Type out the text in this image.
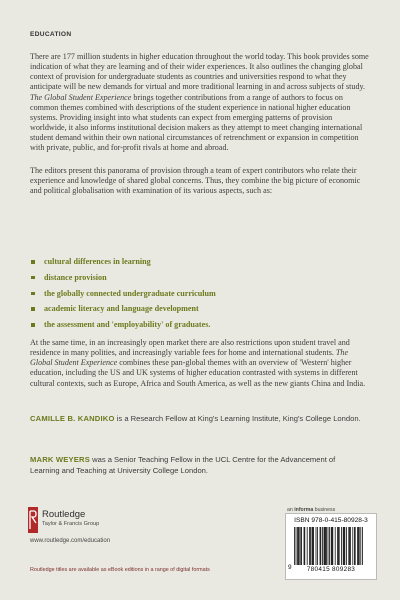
EDUCATION

There are 177 million students in higher education throughout the world today. This book provides some indication of what they are learning and of their wider experiences. It also outlines the changing global context of provision for undergraduate students as countries and universities respond to what they anticipate will be new demands for virtual and more traditional learning in and across subjects of study. The Global Student Experience brings together contributions from a range of authors to focus on common themes combined with descriptions of the student experience in national higher education systems. Providing insight into what students can expect from emerging patterns of provision worldwide, it also informs institutional decision makers as they attempt to meet changing international student demand within their own national circumstances of retrenchment or expansion in competition with private, public, and for-profit rivals at home and abroad.

The editors present this panorama of provision through a team of expert contributors who relate their experience and knowledge of shared global concerns. Thus, they combine the big picture of economic and political globalisation with examination of its various aspects, such as:

cultural differences in learning
distance provision
the globally connected undergraduate curriculum
academic literacy and language development
the assessment and 'employability' of graduates.

At the same time, in an increasingly open market there are also restrictions upon student travel and residence in many polities, and increasingly variable fees for home and international students. The Global Student Experience combines these pan-global themes with an overview of 'Western' higher education, including the US and UK systems of higher education contrasted with systems in different cultural contexts, such as Europe, Africa and South America, as well as the new giants China and India.

CAMILLE B. KANDIKO is a Research Fellow at King's Learning Institute, King's College London.

MARK WEYERS was a Senior Teaching Fellow in the UCL Centre for the Advancement of Learning and Teaching at University College London.

Routledge
Taylor & Francis Group
www.routledge.com/education
Routledge titles are available as eBook editions in a range of digital formats
an informa business
ISBN 978-0-415-80928-3
9	780415 809283
